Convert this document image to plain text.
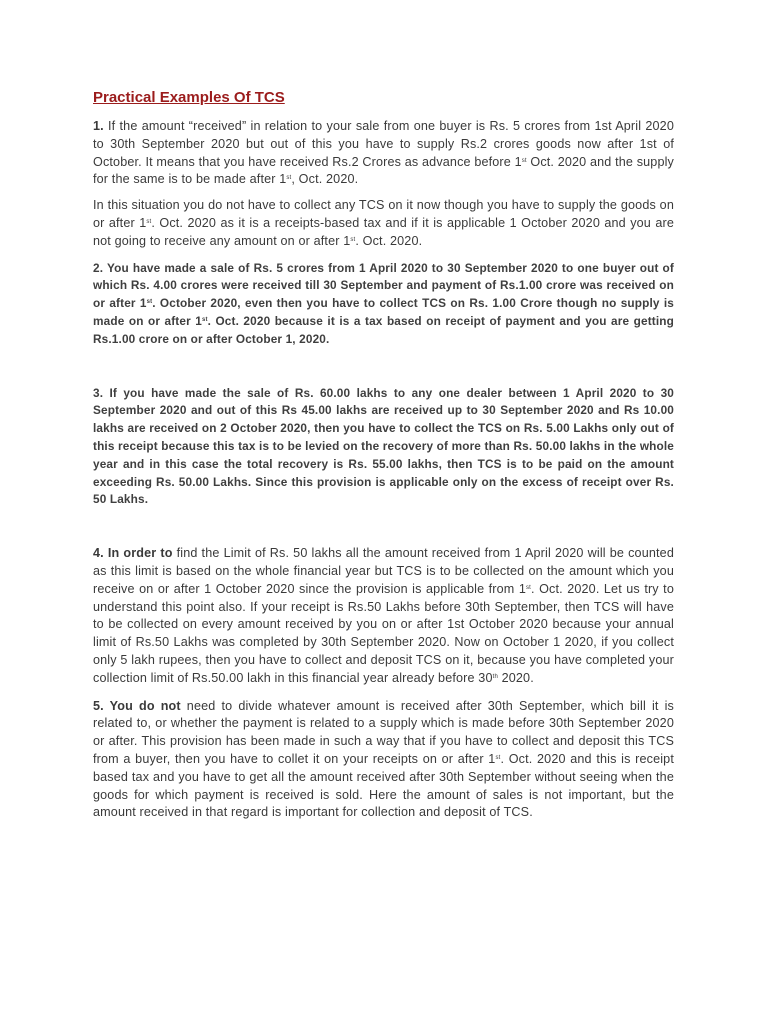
Practical Examples Of TCS

1. If the amount “received” in relation to your sale from one buyer is Rs. 5 crores from 1st April 2020 to 30th September 2020 but out of this you have to supply Rs.2 crores goods now after 1st of October. It means that you have received Rs.2 Crores as advance before 1st Oct. 2020 and the supply for the same is to be made after 1st, Oct. 2020.

In this situation you do not have to collect any TCS on it now though you have to supply the goods on or after 1st. Oct. 2020 as it is a receipts-based tax and if it is applicable 1 October 2020 and you are not going to receive any amount on or after 1st. Oct. 2020.

2. You have made a sale of Rs. 5 crores from 1 April 2020 to 30 September 2020 to one buyer out of which Rs. 4.00 crores were received till 30 September and payment of Rs.1.00 crore was received on or after 1st. October 2020, even then you have to collect TCS on Rs. 1.00 Crore though no supply is made on or after 1st. Oct. 2020 because it is a tax based on receipt of payment and you are getting Rs.1.00 crore on or after October 1, 2020.

3. If you have made the sale of Rs. 60.00 lakhs to any one dealer between 1 April 2020 to 30 September 2020 and out of this Rs 45.00 lakhs are received up to 30 September 2020 and Rs 10.00 lakhs are received on 2 October 2020, then you have to collect the TCS on Rs. 5.00 Lakhs only out of this receipt because this tax is to be levied on the recovery of more than Rs. 50.00 lakhs in the whole year and in this case the total recovery is Rs. 55.00 lakhs, then TCS is to be paid on the amount exceeding Rs. 50.00 Lakhs. Since this provision is applicable only on the excess of receipt over Rs. 50 Lakhs.

4. In order to find the Limit of Rs. 50 lakhs all the amount received from 1 April 2020 will be counted as this limit is based on the whole financial year but TCS is to be collected on the amount which you receive on or after 1 October 2020 since the provision is applicable from 1st. Oct. 2020. Let us try to understand this point also. If your receipt is Rs.50 Lakhs before 30th September, then TCS will have to be collected on every amount received by you on or after 1st October 2020 because your annual limit of Rs.50 Lakhs was completed by 30th September 2020. Now on October 1 2020, if you collect only 5 lakh rupees, then you have to collect and deposit TCS on it, because you have completed your collection limit of Rs.50.00 lakh in this financial year already before 30th 2020.

5. You do not need to divide whatever amount is received after 30th September, which bill it is related to, or whether the payment is related to a supply which is made before 30th September 2020 or after. This provision has been made in such a way that if you have to collect and deposit this TCS from a buyer, then you have to collet it on your receipts on or after 1st. Oct. 2020 and this is receipt based tax and you have to get all the amount received after 30th September without seeing when the goods for which payment is received is sold. Here the amount of sales is not important, but the amount received in that regard is important for collection and deposit of TCS.
